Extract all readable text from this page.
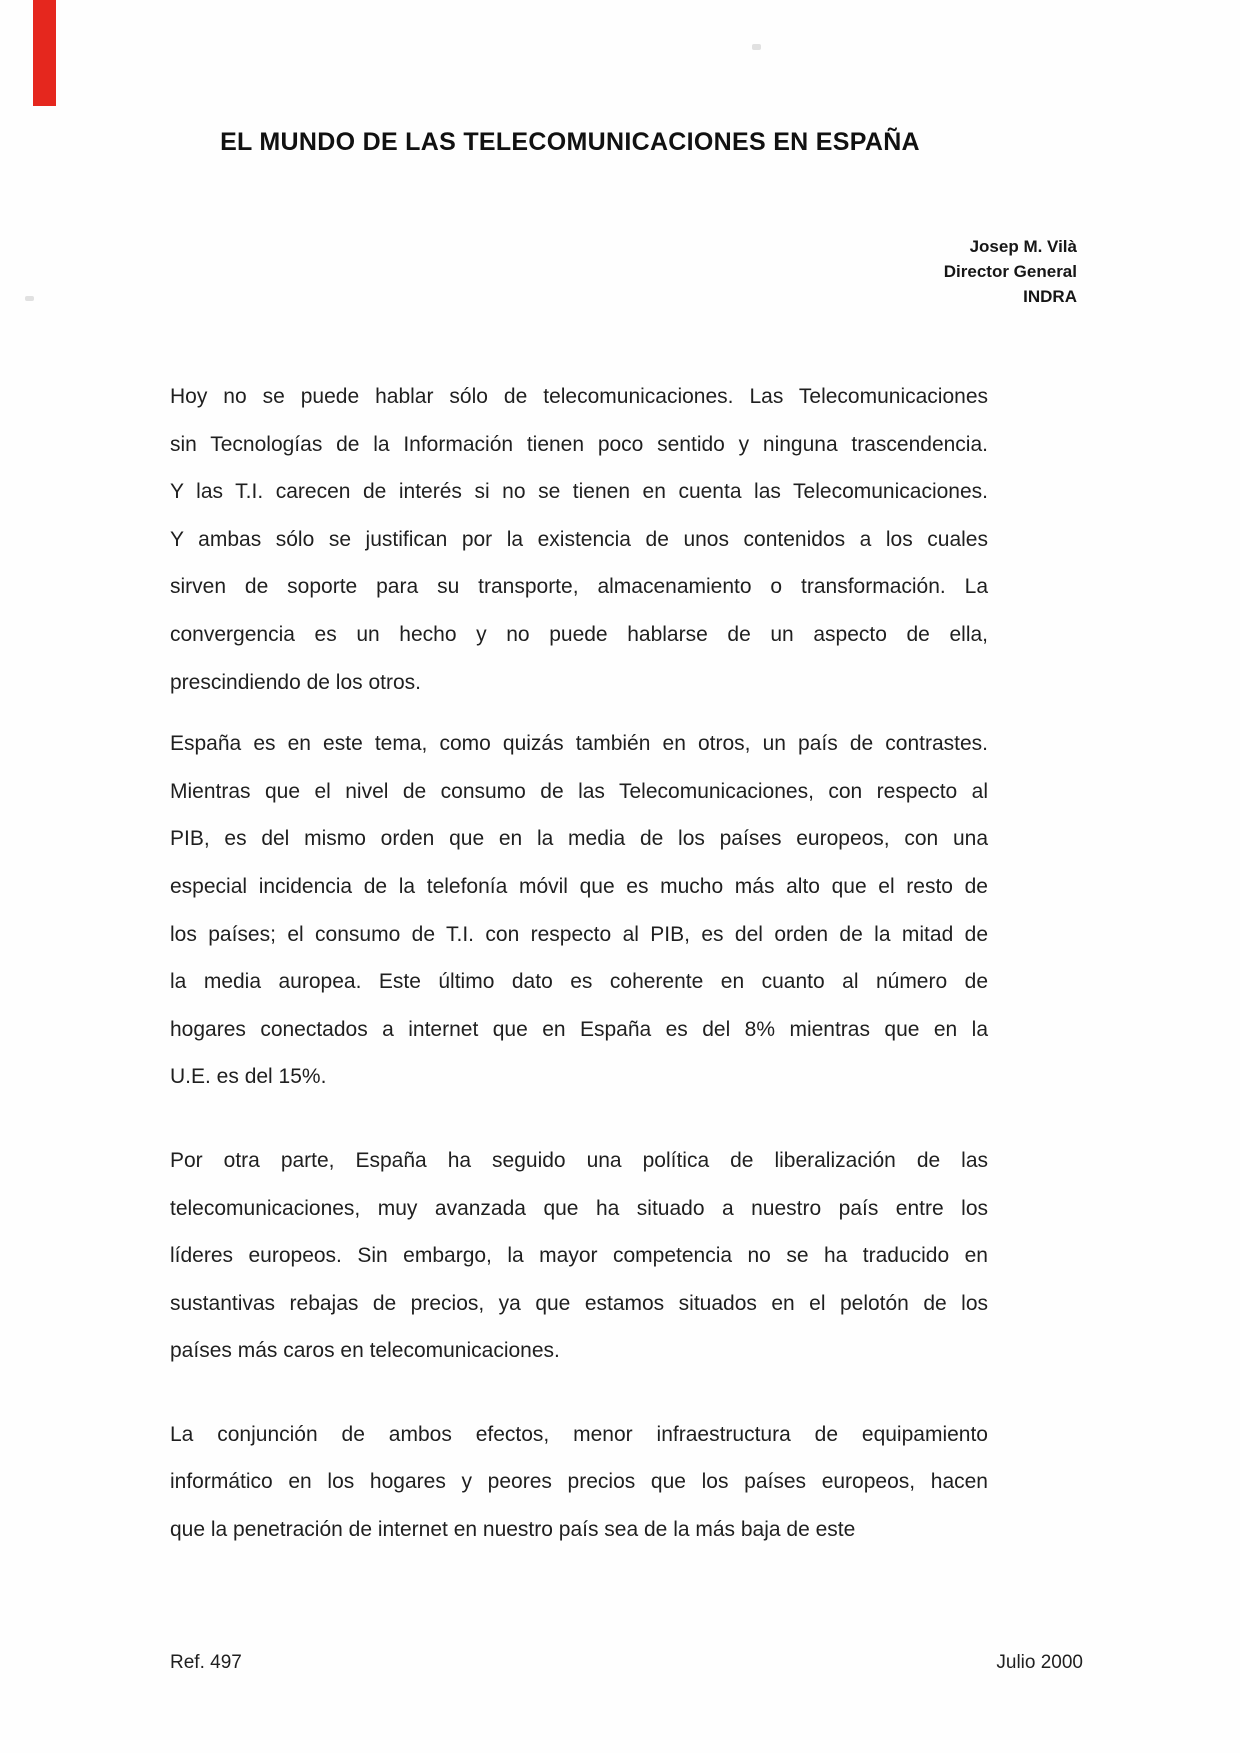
EL MUNDO DE LAS TELECOMUNICACIONES EN ESPAÑA
Josep M. Vilà
Director General
INDRA
Hoy no se puede hablar sólo de telecomunicaciones. Las Telecomunicaciones
sin Tecnologías de la Información tienen poco sentido y ninguna trascendencia.
Y las T.I. carecen de interés si no se tienen en cuenta las Telecomunicaciones.
Y ambas sólo se justifican por la existencia de unos contenidos a los cuales
sirven de soporte para su transporte, almacenamiento o transformación. La
convergencia es un hecho y no puede hablarse de un aspecto de ella,
prescindiendo de los otros.
España es en este tema, como quizás también en otros, un país de contrastes.
Mientras que el nivel de consumo de las Telecomunicaciones, con respecto al
PIB, es del mismo orden que en la media de los países europeos, con una
especial incidencia de la telefonía móvil que es mucho más alto que el resto de
los países; el consumo de T.I. con respecto al PIB, es del orden de la mitad de
la media auropea. Este último dato es coherente en cuanto al número de
hogares conectados a internet que en España es del 8% mientras que en la
U.E. es del 15%.
Por otra parte, España ha seguido una política de liberalización de las
telecomunicaciones, muy avanzada que ha situado a nuestro país entre los
líderes europeos. Sin embargo, la mayor competencia no se ha traducido en
sustantivas rebajas de precios, ya que estamos situados en el pelotón de los
países más caros en telecomunicaciones.
La conjunción de ambos efectos, menor infraestructura de equipamiento
informático en los hogares y peores precios que los países europeos, hacen
que la penetración de internet en nuestro país sea de la más baja de este
Ref. 497	Julio 2000
